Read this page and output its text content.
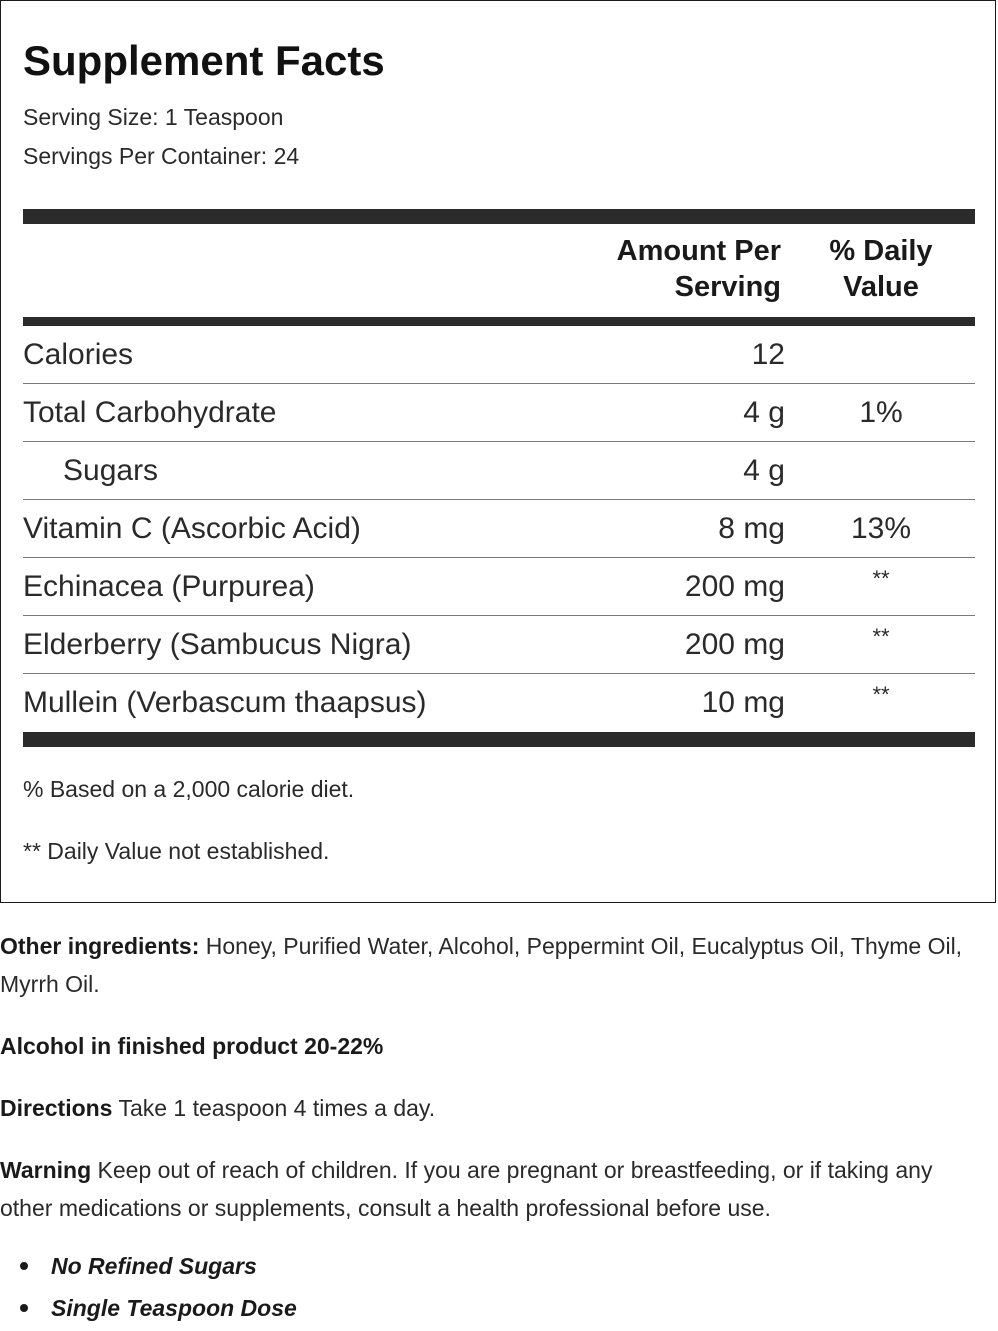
Supplement Facts
Serving Size: 1 Teaspoon
Servings Per Container: 24
Amount Per Serving
% Daily Value
Calories	12
Total Carbohydrate	4 g	1%
Sugars	4 g
Vitamin C (Ascorbic Acid)	8 mg	13%
Echinacea (Purpurea)	200 mg	**
Elderberry (Sambucus Nigra)	200 mg	**
Mullein (Verbascum thaapsus)	10 mg	**
% Based on a 2,000 calorie diet.
** Daily Value not established.
Other ingredients: Honey, Purified Water, Alcohol, Peppermint Oil, Eucalyptus Oil, Thyme Oil, Myrrh Oil.
Alcohol in finished product 20-22%
Directions Take 1 teaspoon 4 times a day.
Warning Keep out of reach of children. If you are pregnant or breastfeeding, or if taking any other medications or supplements, consult a health professional before use.
No Refined Sugars
Single Teaspoon Dose
